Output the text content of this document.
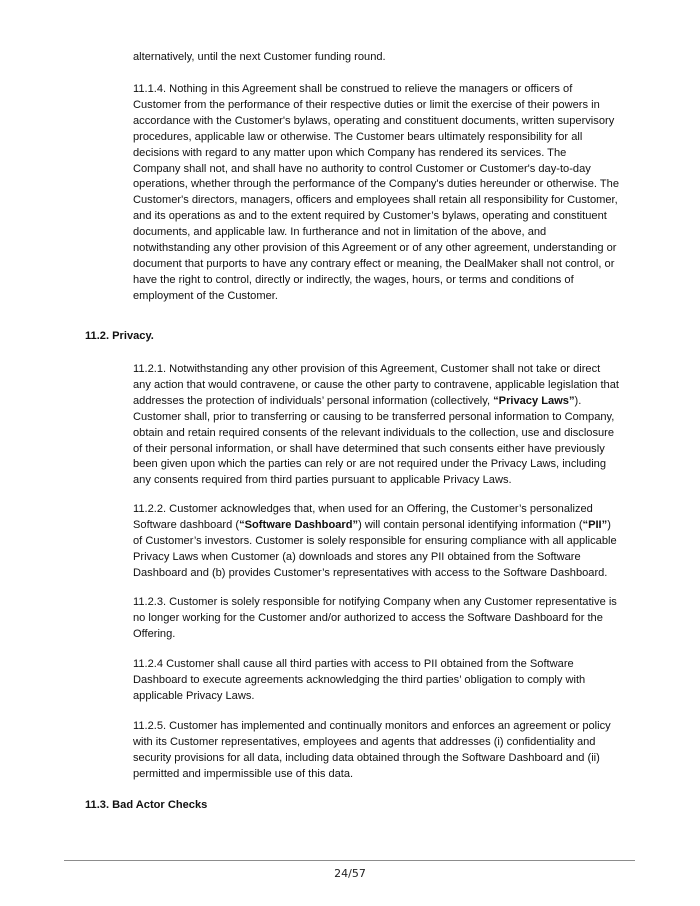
alternatively, until the next Customer funding round.

11.1.4. Nothing in this Agreement shall be construed to relieve the managers or officers of
Customer from the performance of their respective duties or limit the exercise of their powers in
accordance with the Customer's bylaws, operating and constituent documents, written supervisory
procedures, applicable law or otherwise. The Customer bears ultimately responsibility for all
decisions with regard to any matter upon which Company has rendered its services. The
Company shall not, and shall have no authority to control Customer or Customer's day-to-day
operations, whether through the performance of the Company's duties hereunder or otherwise. The
Customer's directors, managers, officers and employees shall retain all responsibility for Customer,
and its operations as and to the extent required by Customer’s bylaws, operating and constituent
documents, and applicable law. In furtherance and not in limitation of the above, and
notwithstanding any other provision of this Agreement or of any other agreement, understanding or
document that purports to have any contrary effect or meaning, the DealMaker shall not control, or
have the right to control, directly or indirectly, the wages, hours, or terms and conditions of
employment of the Customer.

11.2. Privacy.

11.2.1. Notwithstanding any other provision of this Agreement, Customer shall not take or direct
any action that would contravene, or cause the other party to contravene, applicable legislation that
addresses the protection of individuals’ personal information (collectively, “Privacy Laws”).
Customer shall, prior to transferring or causing to be transferred personal information to Company,
obtain and retain required consents of the relevant individuals to the collection, use and disclosure
of their personal information, or shall have determined that such consents either have previously
been given upon which the parties can rely or are not required under the Privacy Laws, including
any consents required from third parties pursuant to applicable Privacy Laws.

11.2.2. Customer acknowledges that, when used for an Offering, the Customer’s personalized
Software dashboard (“Software Dashboard”) will contain personal identifying information (“PII”)
of Customer’s investors. Customer is solely responsible for ensuring compliance with all applicable
Privacy Laws when Customer (a) downloads and stores any PII obtained from the Software
Dashboard and (b) provides Customer’s representatives with access to the Software Dashboard.

11.2.3. Customer is solely responsible for notifying Company when any Customer representative is
no longer working for the Customer and/or authorized to access the Software Dashboard for the
Offering.

11.2.4 Customer shall cause all third parties with access to PII obtained from the Software
Dashboard to execute agreements acknowledging the third parties’ obligation to comply with
applicable Privacy Laws.

11.2.5. Customer has implemented and continually monitors and enforces an agreement or policy
with its Customer representatives, employees and agents that addresses (i) confidentiality and
security provisions for all data, including data obtained through the Software Dashboard and (ii)
permitted and impermissible use of this data.

11.3. Bad Actor Checks

24/57
